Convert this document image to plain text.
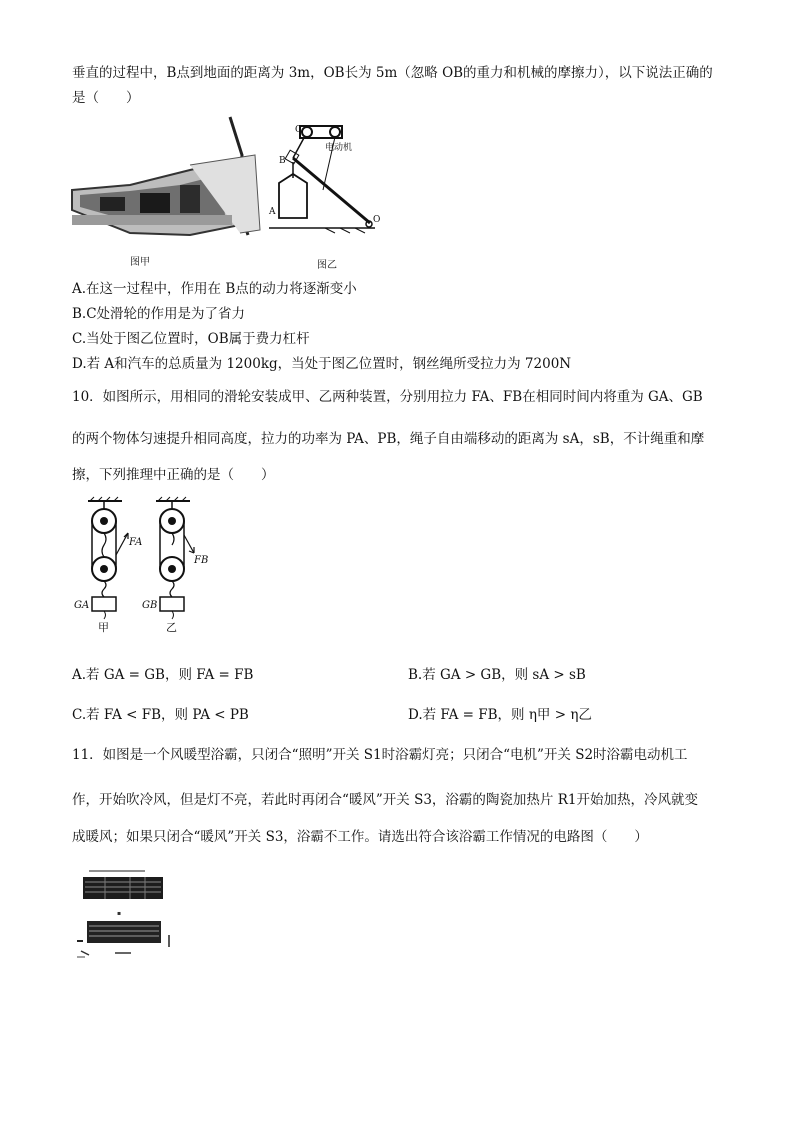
垂直的过程中，B点到地面的距离为 3m，OB长为 5m（忽略 OB的重力和机械的摩擦力），以下说法正确的
是（　　）
图甲
电动机
C
B
A
O
图乙
A.在这一过程中，作用在 B点的动力将逐渐变小
B.C处滑轮的作用是为了省力
C.当处于图乙位置时，OB属于费力杠杆
D.若 A和汽车的总质量为 1200kg，当处于图乙位置时，钢丝绳所受拉力为 7200N
10．如图所示，用相同的滑轮安装成甲、乙两种装置，分别用拉力 FA、FB在相同时间内将重为 GA、GB
的两个物体匀速提升相同高度，拉力的功率为 PA、PB，绳子自由端移动的距离为 sA，sB，不计绳重和摩
擦，下列推理中正确的是（　　）
FA
GA
甲
FB
GB
乙
A.若 GA = GB，则 FA = FB	B.若 GA > GB，则 sA > sB
C.若 FA < FB，则 PA < PB	D.若 FA = FB，则 η甲 > η乙
11．如图是一个风暖型浴霸，只闭合“照明”开关 S1时浴霸灯亮；只闭合“电机”开关 S2时浴霸电动机工
作，开始吹冷风，但是灯不亮，若此时再闭合“暖风”开关 S3，浴霸的陶瓷加热片 R1开始加热，冷风就变
成暖风；如果只闭合“暖风”开关 S3，浴霸不工作。请选出符合该浴霸工作情况的电路图（　　）
▪
